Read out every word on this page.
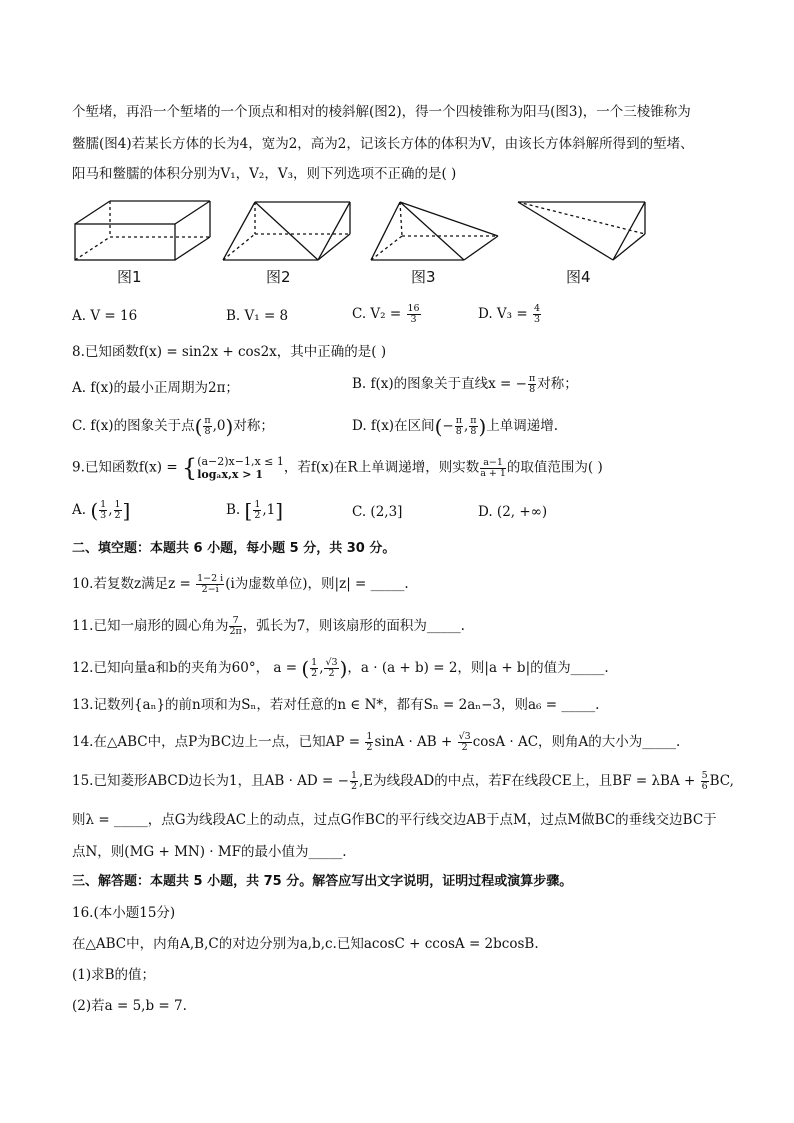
个堑堵，再沿一个堑堵的一个顶点和相对的棱斜解(图2)，得一个四棱锥称为阳马(图3)，一个三棱锥称为
鳖臑(图4)若某长方体的长为4，宽为2，高为2，记该长方体的体积为V，由该长方体斜解所得到的堑堵、
阳马和鳖臑的体积分别为V₁，V₂，V₃，则下列选项不正确的是( )
图1	图2	图3	图4
A. V = 16	B. V₁ = 8	C. $V_2 = \frac{16}{3}$	D. $V_3 = \frac{4}{3}$
8.已知函数f(x) = sin2x + cos2x，其中正确的是( )
A. f(x)的最小正周期为2π；	B. f(x)的图象关于直线x = − $\frac{\pi}{8}$ 对称；
C. f(x)的图象关于点( $\frac{\pi}{8} ,0$)对称；	D. f(x)在区间(− $\frac{\pi}{8}$ , $\frac{\pi}{8}$ )上单调递增.
9.已知函数f(x) = { (a−2)x−1,x ≤ 1
logₐx,x > 1	，若f(x)在R上单调递增，则实数 $\frac{a-1}{a + 1}$ 的取值范围为( )
A. ( $\frac{1}{3}$ , $\frac{1}{2}$ ]	B. [ $\frac{1}{2} ,1$]	C. (2,3]	D. (2, +∞)
二、填空题：本题共 6 小题，每小题 5 分，共 30 分。
10.若复数z满足$z = \frac{1-2 i}{2-i} (i$为虚数单位)，则|z| = _____.
11.已知一扇形的圆心角为 $\frac{7}{2\pi}$ ，弧长为7，则该扇形的面积为_____.
12.已知向量a和b的夹角为60°， a = ( $\frac{1}{2}$ , $\frac{√3}{2}$ )，a · (a + b) = 2，则|a + b|的值为_____.
13.记数列{aₙ}的前n项和为Sₙ，若对任意的n ∈ N*，都有Sₙ = 2aₙ−3，则a₆ = _____.
14.在△ABC中，点P为BC边上一点，已知AP = $\frac{1}{2}$ sinA · AB + $\frac{√3}{2}$ cosA · AC，则角A的大小为_____.
15.已知菱形ABCD边长为1，且AB · AD = − $\frac{1}{2} ,E$为线段AD的中点，若F在线段CE上，且BF = $\lambda BA + \frac{5}{6}$ BC,
则λ = _____，点G为线段AC上的动点，过点G作BC的平行线交边AB于点M，过点M做BC的垂线交边BC于
点N，则(MG + MN) · MF的最小值为_____.
三、解答题：本题共 5 小题，共 75 分。解答应写出文字说明，证明过程或演算步骤。
16.(本小题15分)
在△ABC中，内角A,B,C的对边分别为a,b,c.已知acosC + ccosA = 2bcosB.
(1)求B的值；
(2)若a = 5,b = 7.
